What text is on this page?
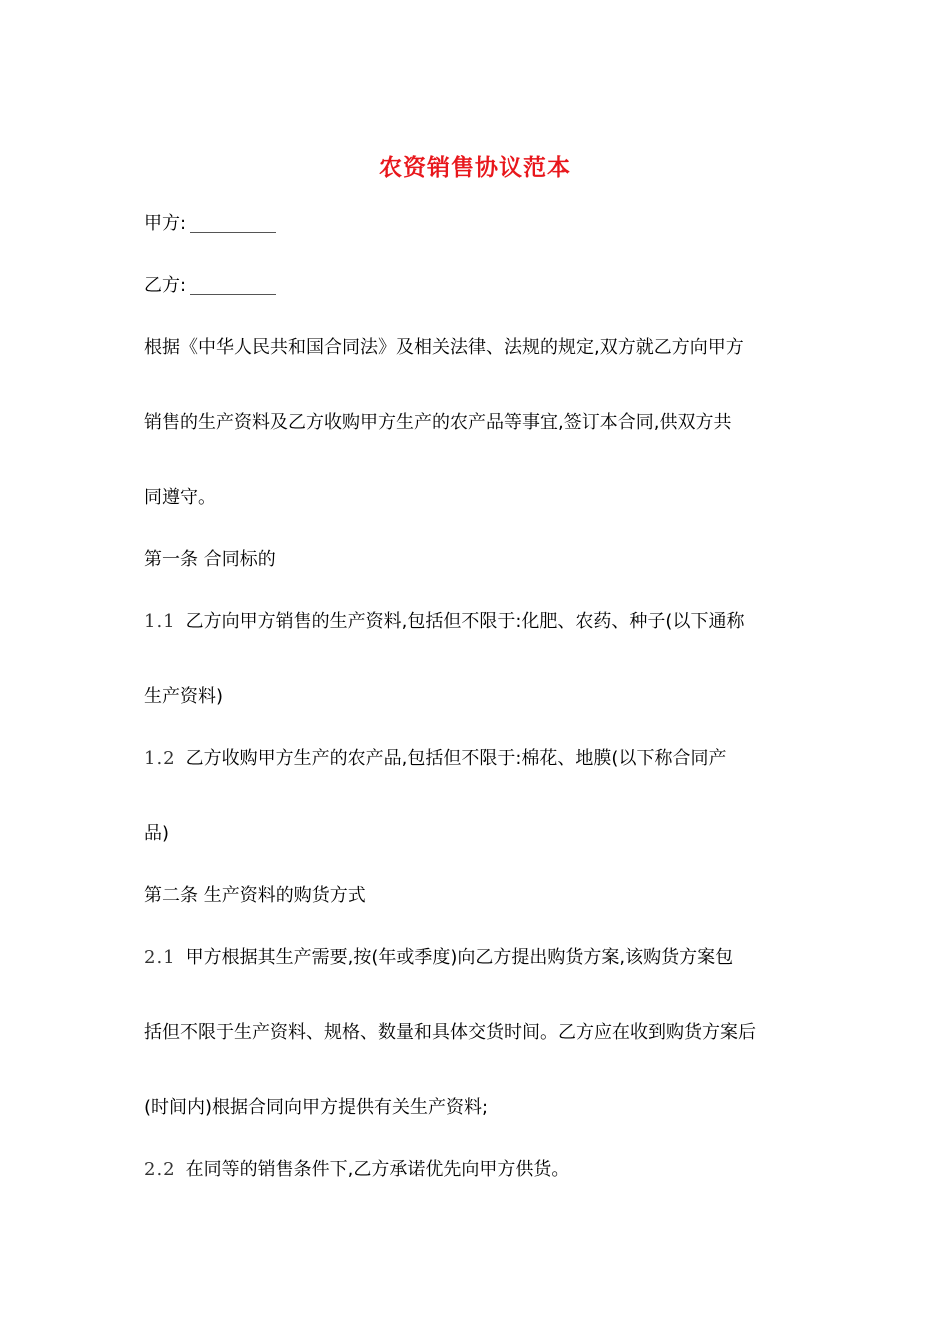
农资销售协议范本
甲方:
乙方:
根据《中华人民共和国合同法》及相关法律、法规的规定,双方就乙方向甲方
销售的生产资料及乙方收购甲方生产的农产品等事宜,签订本合同,供双方共
同遵守。
第一条 合同标的
1.1 乙方向甲方销售的生产资料,包括但不限于:化肥、农药、种子(以下通称
生产资料)
1.2 乙方收购甲方生产的农产品,包括但不限于:棉花、地膜(以下称合同产
品)
第二条 生产资料的购货方式
2.1 甲方根据其生产需要,按(年或季度)向乙方提出购货方案,该购货方案包
括但不限于生产资料、规格、数量和具体交货时间。乙方应在收到购货方案后
(时间内)根据合同向甲方提供有关生产资料;
2.2 在同等的销售条件下,乙方承诺优先向甲方供货。
